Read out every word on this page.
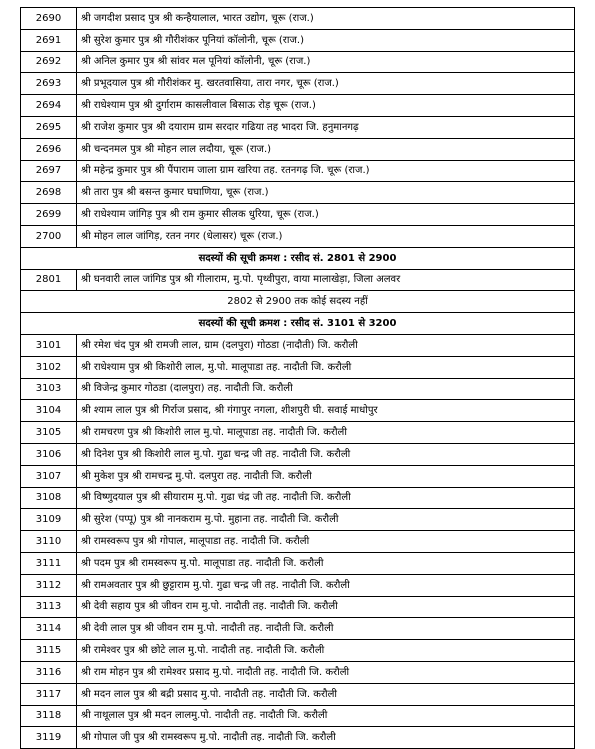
2690	श्री जगदीश प्रसाद पुत्र श्री कन्हैयालाल, भारत उद्योग, चूरू (राज.)
2691	श्री सुरेश कुमार पुत्र श्री गौरीशंकर पूनियां कॉलोनी, चूरू (राज.)
2692	श्री अनिल कुमार पुत्र श्री सांवर मल पूनियां कॉलोनी, चूरू (राज.)
2693	श्री प्रभूदयाल पुत्र श्री गौरीशंकर मु. खरतवासिया, तारा नगर, चूरू (राज.)
2694	श्री राधेश्याम पुत्र श्री दुर्गाराम कासलीवाल बिसाऊ रोड़ चूरू (राज.)
2695	श्री राजेश कुमार पुत्र श्री दयाराम ग्राम सरदार गढिया तह भादरा जि. हनुमानगढ़
2696	श्री चन्दनमल पुत्र श्री मोहन लाल लदौया, चूरू (राज.)
2697	श्री महेन्द्र कुमार पुत्र श्री पैंपाराम जाला ग्राम खरिया तह. रतनगढ़ जि. चूरू (राज.)
2698	श्री तारा पुत्र श्री बसन्त कुमार घघाणिया, चूरू (राज.)
2699	श्री राधेश्याम जांगिड़ पुत्र श्री राम कुमार सीलक धुरिया, चूरू (राज.)
2700	श्री मोहन लाल जांगिड़, रतन नगर (धेलासर) चूरू (राज.)
सदस्यों की सूची क्रमश : रसीद सं. 2801 से 2900	
2801	श्री घनवारी लाल जांगिड पुत्र श्री गीलाराम, मु.पो. पृथ्वीपुरा, वाया मालाखेड़ा, जिला अलवर
2802 से 2900 तक कोई सदस्य नहीं	
सदस्यों की सूची क्रमश : रसीद सं. 3101 से 3200	
3101	श्री रमेश चंद पुत्र श्री रामजी लाल, ग्राम (दलपुरा) गोठडा (नादौती) जि. करौली
3102	श्री राधेश्याम पुत्र श्री किशोरी लाल, मु.पो. मालूपाडा तह. नादौती जि. करौली
3103	श्री विजेन्द्र कुमार गोठडा (दालपुरा) तह. नादौती जि. करौली
3104	श्री श्याम लाल पुत्र श्री गिर्राज प्रसाद, श्री गंगापुर नगला, शीशपुरी घी. सवाई माधोपुर
3105	श्री रामचरण पुत्र श्री किशोरी लाल मु.पो. मालूपाडा तह. नादौती जि. करौली
3106	श्री दिनेश पुत्र श्री किशोरी लाल मु.पो. गुढा चन्द्र जी तह. नादौती जि. करौली
3107	श्री मुकेश पुत्र श्री रामचन्द्र मु.पो. दलपुरा तह. नादौती जि. करौली
3108	श्री विष्णुदयाल पुत्र श्री सीयाराम मु.पो. गुढा चंद्र जी तह. नादौती जि. करौली
3109	श्री सुरेश (पप्पू) पुत्र श्री नानकराम मु.पो. मुहाना तह. नादौती जि. करौली
3110	श्री रामस्वरूप पुत्र श्री गोपाल, मालूपाडा तह. नादौती जि. करौली
3111	श्री पदम पुत्र श्री रामस्वरूप मु.पो. मालूपाडा तह. नादौती जि. करौली
3112	श्री रामअवतार पुत्र श्री छुट्टाराम मु.पो. गुढा चन्द्र जी तह. नादौती जि. करौली
3113	श्री देवी सहाय पुत्र श्री जीवन राम मु.पो. नादौती तह. नादौती जि. करौली
3114	श्री देवी लाल पुत्र श्री जीवन राम मु.पो. नादौती तह. नादौती जि. करौली
3115	श्री रामेश्वर पुत्र श्री छोटे लाल मु.पो. नादौती तह. नादौती जि. करौली
3116	श्री राम मोहन पुत्र श्री रामेश्वर प्रसाद मु.पो. नादौती तह. नादौती जि. करौली
3117	श्री मदन लाल पुत्र श्री बद्री प्रसाद मु.पो. नादौती तह. नादौती जि. करौली
3118	श्री नाथूलाल पुत्र श्री मदन लालमु.पो. नादौती तह. नादौती जि. करौली
3119	श्री गोपाल जी पुत्र श्री रामस्वरूप मु.पो. नादौती तह. नादौती जि. करौली
